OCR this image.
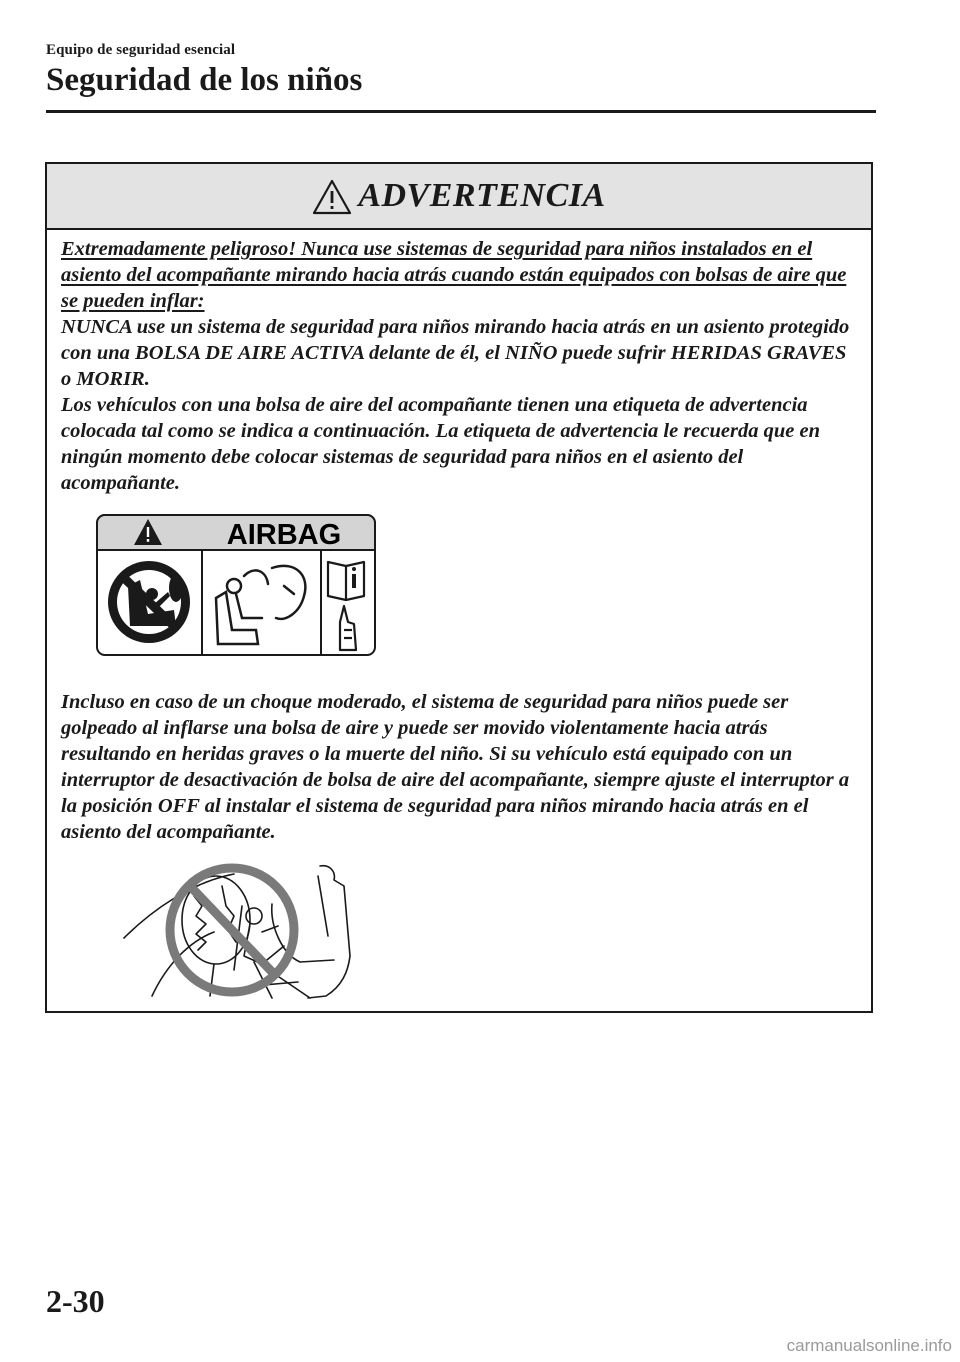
Equipo de seguridad esencial
Seguridad de los niños
ADVERTENCIA

Extremadamente peligroso! Nunca use sistemas de seguridad para niños instalados en el asiento del acompañante mirando hacia atrás cuando están equipados con bolsas de aire que se pueden inflar:

NUNCA use un sistema de seguridad para niños mirando hacia atrás en un asiento protegido con una BOLSA DE AIRE ACTIVA delante de él, el NIÑO puede sufrir HERIDAS GRAVES o MORIR.

Los vehículos con una bolsa de aire del acompañante tienen una etiqueta de advertencia colocada tal como se indica a continuación. La etiqueta de advertencia le recuerda que en ningún momento debe colocar sistemas de seguridad para niños en el asiento del acompañante.

Incluso en caso de un choque moderado, el sistema de seguridad para niños puede ser golpeado al inflarse una bolsa de aire y puede ser movido violentamente hacia atrás resultando en heridas graves o la muerte del niño. Si su vehículo está equipado con un interruptor de desactivación de bolsa de aire del acompañante, siempre ajuste el interruptor a la posición OFF al instalar el sistema de seguridad para niños mirando hacia atrás en el asiento del acompañante.

AIRBAG
2-30
carmanualsonline.info
